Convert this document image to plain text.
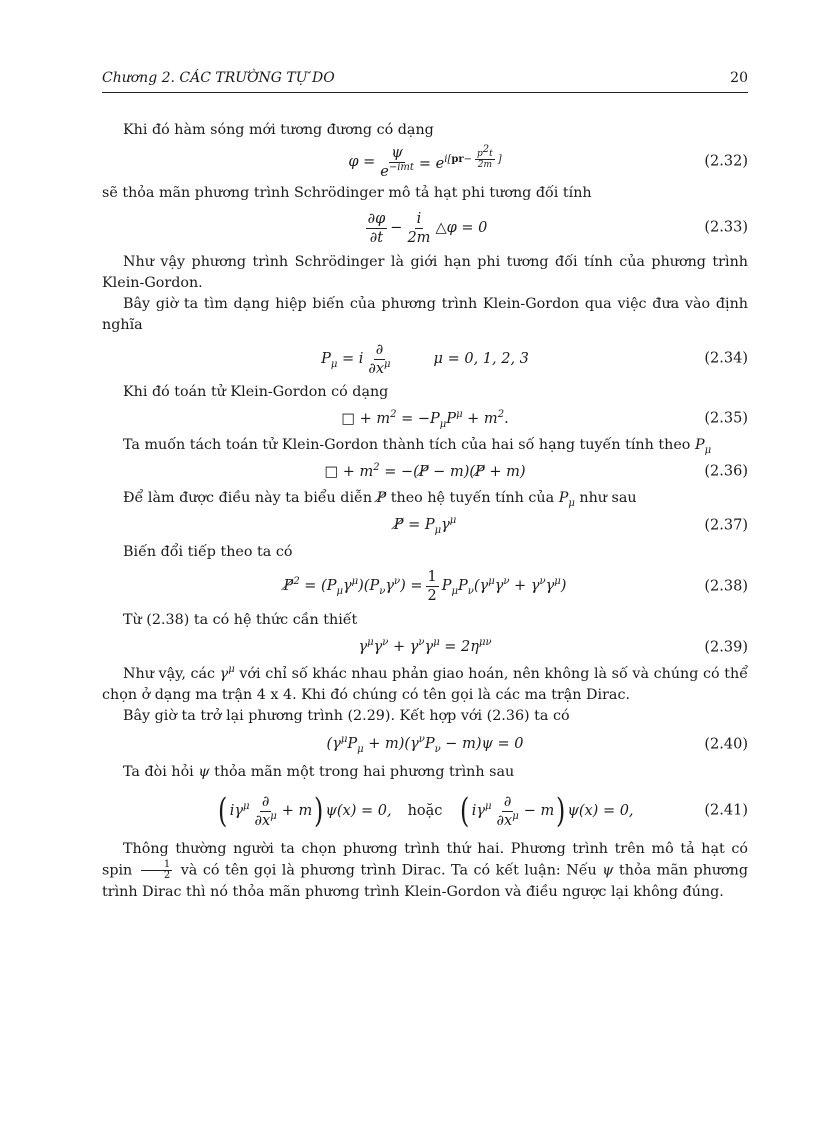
Chương 2. CÁC TRƯỜNG TỰ DO	20

Khi đó hàm sóng mới tương đương có dạng

$\varphi = \frac{\psi}{e^{-imt}} = e^{i[pr- \frac{p^2t}{2m} ]}$	(2.32)

sẽ thỏa mãn phương trình Schrödinger mô tả hạt phi tương đối tính

$\frac{\partial\varphi}{\partial t} - \frac{i}{2m}$ △ φ = 0	(2.33)

Như vậy phương trình Schrödinger là giới hạn phi tương đối tính của phương trình Klein-Gordon.

Bây giờ ta tìm dạng hiệp biến của phương trình Klein-Gordon qua việc đưa vào định nghĩa

$P_\mu = i \frac{\partial}{\partial x^\mu}$	μ = 0, 1, 2, 3	(2.34)

Khi đó toán tử Klein-Gordon có dạng

□ + $m^2 = -P_\mu P^\mu + m^2$.	(2.35)

Ta muốn tách toán tử Klein-Gordon thành tích của hai số hạng tuyến tính theo $P_\mu$

□ + $m^2$ = −(P̸ − m)(P̸ + m)	(2.36)

Để làm được điều này ta biểu diễn P̸ theo hệ tuyến tính của $P_\mu$ như sau

P̸ = $P_\mu\gamma^\mu$	(2.37)

Biến đổi tiếp theo ta có

P̸$^2$ = $(P_\mu\gamma^\mu)(P_\nu\gamma^\nu) = \frac{1}{2} P_\mu P_\nu(\gamma^\mu\gamma^\nu + \gamma^\nu\gamma^\mu)$	(2.38)

Từ (2.38) ta có hệ thức cần thiết

$\gamma^\mu\gamma^\nu + \gamma^\nu\gamma^\mu = 2\eta^{\mu\nu}$	(2.39)

Như vậy, các $\gamma^\mu$ với chỉ số khác nhau phản giao hoán, nên không là số và chúng có thể chọn ở dạng ma trận 4 x 4. Khi đó chúng có tên gọi là các ma trận Dirac.

Bây giờ ta trở lại phương trình (2.29). Kết hợp với (2.36) ta có

$(\gamma^\mu P_\mu + m)(\gamma^\nu P_\nu - m)\psi = 0$	(2.40)

Ta đòi hỏi ψ thỏa mãn một trong hai phương trình sau

( $i\gamma^\mu \frac{\partial}{\partial x^\mu} + m$ ) ψ(x) = 0, hoặc ( $i\gamma^\mu \frac{\partial}{\partial x^\mu} - m$ ) ψ(x) = 0,	(2.41)

Thông thường người ta chọn phương trình thứ hai. Phương trình trên mô tả hạt có spin $\frac{1}{2}$ và có tên gọi là phương trình Dirac. Ta có kết luận: Nếu ψ thỏa mãn phương trình Dirac thì nó thỏa mãn phương trình Klein-Gordon và điều ngược lại không đúng.
